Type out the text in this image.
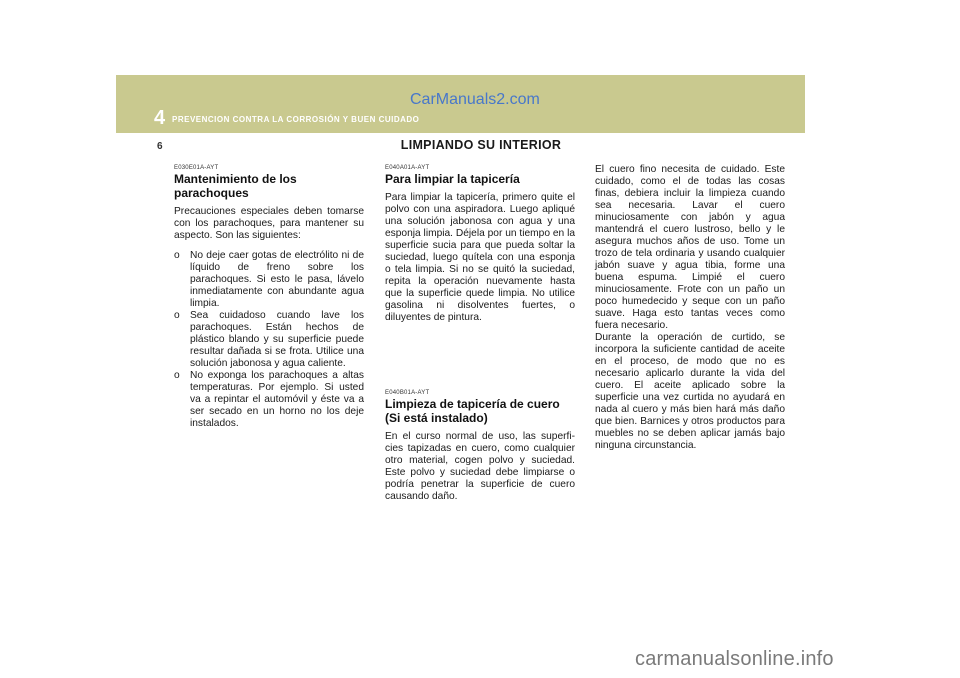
4 PREVENCION CONTRA LA CORROSIÓN Y BUEN CUIDADO
CarManuals2.com
6	LIMPIANDO SU INTERIOR
E030E01A-AYT
Mantenimiento de los parachoques

Precauciones especiales deben tomarse con los parachoques, para mantener su aspecto. Son las siguientes:

o No deje caer gotas de electrólito ni de líquido de freno sobre los parachoques. Si esto le pasa, lávelo inmediatamente con abundante agua limpia.
o Sea cuidadoso cuando lave los parachoques. Están hechos de plástico blando y su superficie puede resultar dañada si se frota. Utilice una solución jabonosa y agua caliente.
o No exponga los parachoques a altas temperaturas. Por ejemplo. Si usted va a repintar el automóvil y éste va a ser secado en un horno no los deje instalados.
E040A01A-AYT
Para limpiar la tapicería

Para limpiar la tapicería, primero quite el polvo con una aspiradora. Luego apliqué una solución jabonosa con agua y una esponja limpia. Déjela por un tiempo en la superficie sucia para que pueda soltar la suciedad, luego quítela con una esponja o tela limpia. Si no se quitó la suciedad, repita la operación nuevamente hasta que la superficie quede limpia. No utilice gasolina ni disolventes fuertes, o diluyentes de pintura.

E040B01A-AYT
Limpieza de tapicería de cuero (Si está instalado)

En el curso normal de uso, las superfi-cies tapizadas en cuero, como cualquier otro material, cogen polvo y suciedad. Este polvo y suciedad debe limpiarse o podría penetrar la superficie de cuero causando daño.

El cuero fino necesita de cuidado. Este cuidado, como el de todas las cosas finas, debiera incluir la limpieza cuando sea necesaria. Lavar el cuero minuciosamente con jabón y agua mantendrá el cuero lustroso, bello y le asegura muchos años de uso. Tome un trozo de tela ordinaria y usando cualquier jabón suave y agua tibia, forme una buena espuma. Limpié el cuero minuciosamente. Frote con un paño un poco humedecido y seque con un paño suave. Haga esto tantas veces como fuera necesario.

Durante la operación de curtido, se incorpora la suficiente cantidad de aceite en el proceso, de modo que no es necesario aplicarlo durante la vida del cuero. El aceite aplicado sobre la superficie una vez curtida no ayudará en nada al cuero y más bien hará más daño que bien. Barnices y otros productos para muebles no se deben aplicar jamás bajo ninguna circunstancia.

carmanualsonline.info
